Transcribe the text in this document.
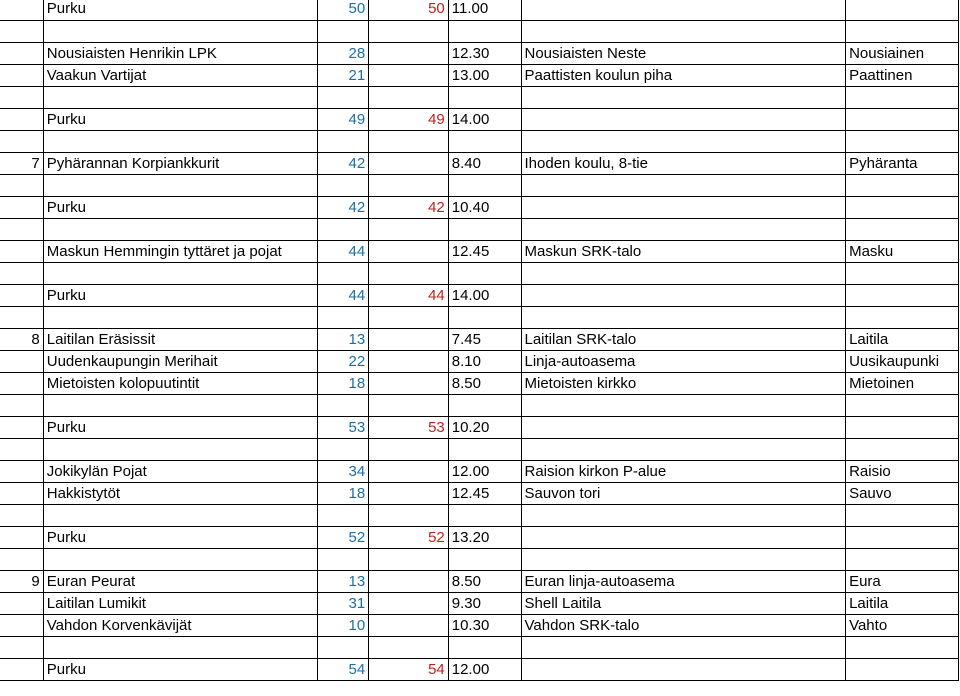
	Purku	50	50	11.00		

	Nousiaisten Henrikin LPK	28		12.30	Nousiaisten Neste	Nousiainen
	Vaakun Vartijat	21		13.00	Paattisten koulun piha	Paattinen

	Purku	49	49	14.00		

7	Pyhärannan Korpiankkurit	42		8.40	Ihoden koulu, 8-tie	Pyhäranta

	Purku	42	42	10.40		

	Maskun Hemmingin tyttäret ja pojat	44		12.45	Maskun SRK-talo	Masku

	Purku	44	44	14.00		

8	Laitilan Eräsissit	13		7.45	Laitilan SRK-talo	Laitila
	Uudenkaupungin Merihait	22		8.10	Linja-autoasema	Uusikaupunki
	Mietoisten kolopuutintit	18		8.50	Mietoisten kirkko	Mietoinen

	Purku	53	53	10.20		

	Jokikylän Pojat	34		12.00	Raision kirkon P-alue	Raisio
	Hakkistytöt	18		12.45	Sauvon tori	Sauvo

	Purku	52	52	13.20		

9	Euran Peurat	13		8.50	Euran linja-autoasema	Eura
	Laitilan Lumikit	31		9.30	Shell Laitila	Laitila
	Vahdon Korvenkävijät	10		10.30	Vahdon SRK-talo	Vahto

	Purku	54	54	12.00		
